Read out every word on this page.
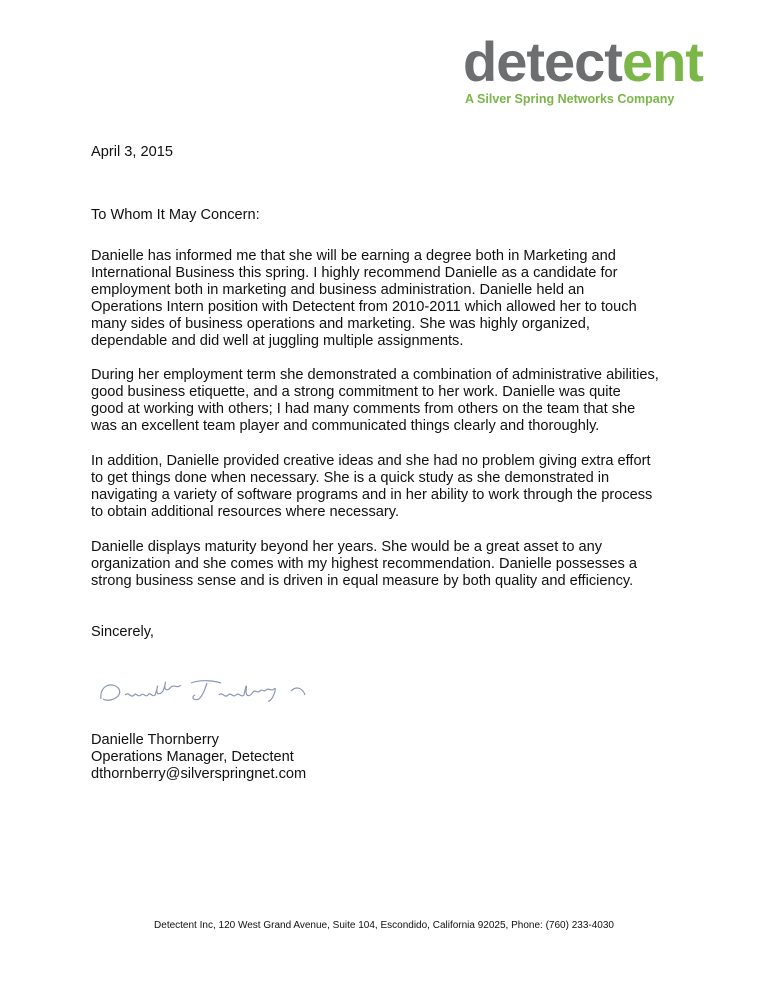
detectent
A Silver Spring Networks Company
April 3, 2015
To Whom It May Concern:
Danielle has informed me that she will be earning a degree both in Marketing and
International Business this spring. I highly recommend Danielle as a candidate for
employment both in marketing and business administration. Danielle held an
Operations Intern position with Detectent from 2010-2011 which allowed her to touch
many sides of business operations and marketing. She was highly organized,
dependable and did well at juggling multiple assignments.
During her employment term she demonstrated a combination of administrative abilities,
good business etiquette, and a strong commitment to her work. Danielle was quite
good at working with others; I had many comments from others on the team that she
was an excellent team player and communicated things clearly and thoroughly.
In addition, Danielle provided creative ideas and she had no problem giving extra effort
to get things done when necessary. She is a quick study as she demonstrated in
navigating a variety of software programs and in her ability to work through the process
to obtain additional resources where necessary.
Danielle displays maturity beyond her years. She would be a great asset to any
organization and she comes with my highest recommendation. Danielle possesses a
strong business sense and is driven in equal measure by both quality and efficiency.
Sincerely,
Danielle Thornberry
Operations Manager, Detectent
dthornberry@silverspringnet.com
Detectent Inc, 120 West Grand Avenue, Suite 104, Escondido, California 92025, Phone: (760) 233-4030
